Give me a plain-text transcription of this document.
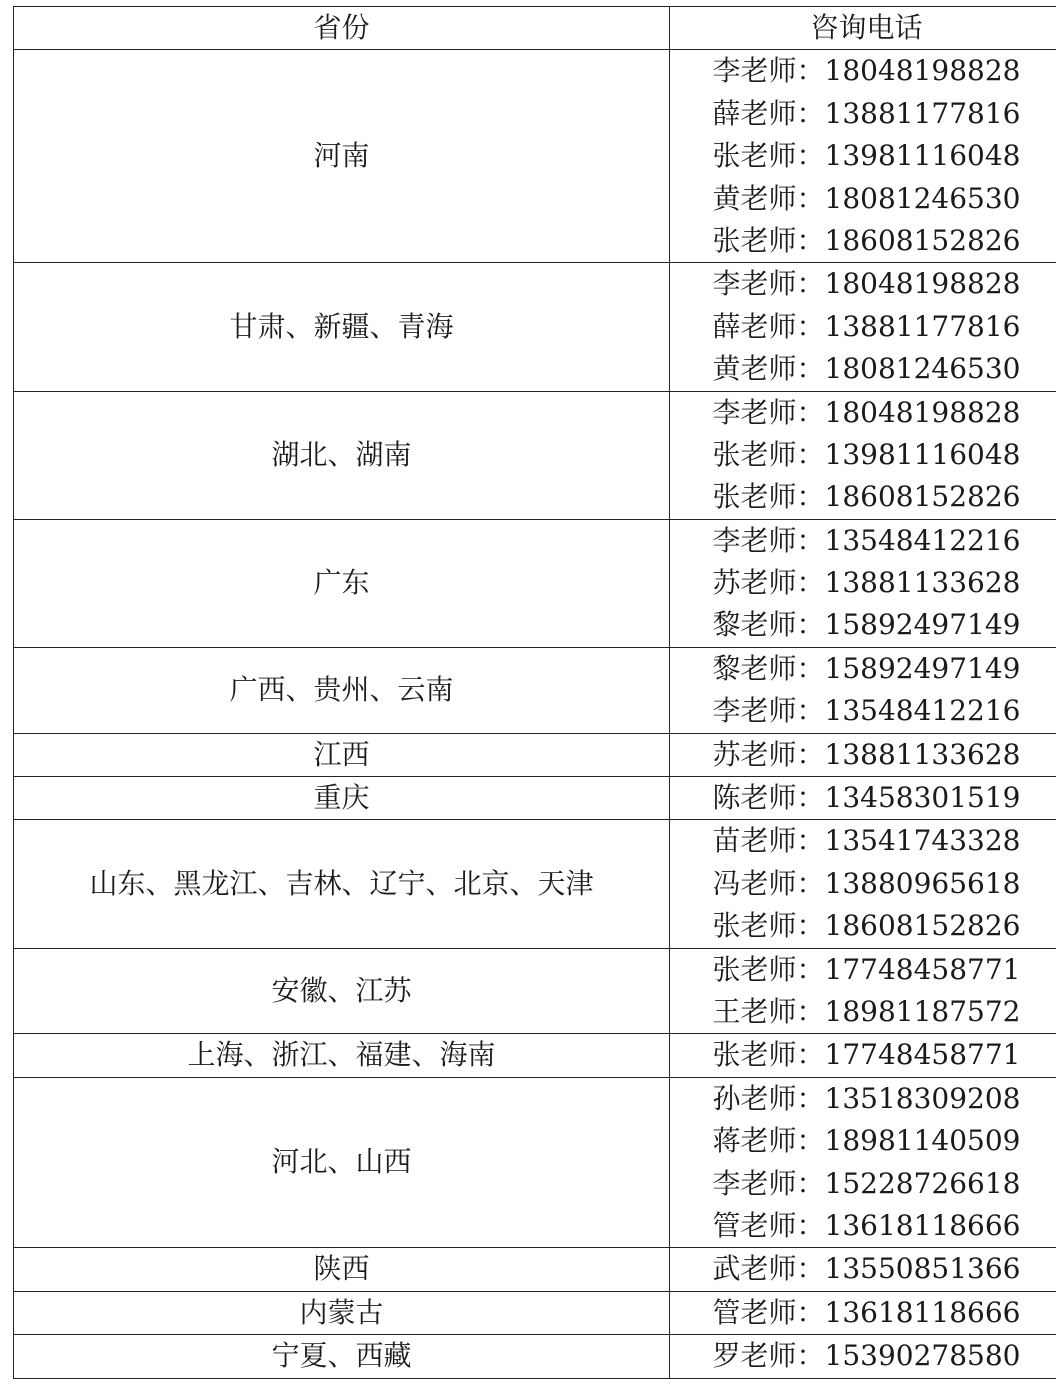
省份	咨询电话
河南	李老师：18048198828
薛老师：13881177816
张老师：13981116048
黄老师：18081246530
张老师：18608152826

甘肃、新疆、青海	李老师：18048198828
薛老师：13881177816
黄老师：18081246530

湖北、湖南	李老师：18048198828
张老师：13981116048
张老师：18608152826

广东	李老师：13548412216
苏老师：13881133628
黎老师：15892497149

广西、贵州、云南	黎老师：15892497149
李老师：13548412216

江西	苏老师：13881133628

重庆	陈老师：13458301519

山东、黑龙江、吉林、辽宁、北京、天津	苗老师：13541743328
冯老师：13880965618
张老师：18608152826

安徽、江苏	张老师：17748458771
王老师：18981187572

上海、浙江、福建、海南	张老师：17748458771

河北、山西	孙老师：13518309208
蒋老师：18981140509
李老师：15228726618
管老师：13618118666

陕西	武老师：13550851366

内蒙古	管老师：13618118666

宁夏、西藏	罗老师：15390278580
